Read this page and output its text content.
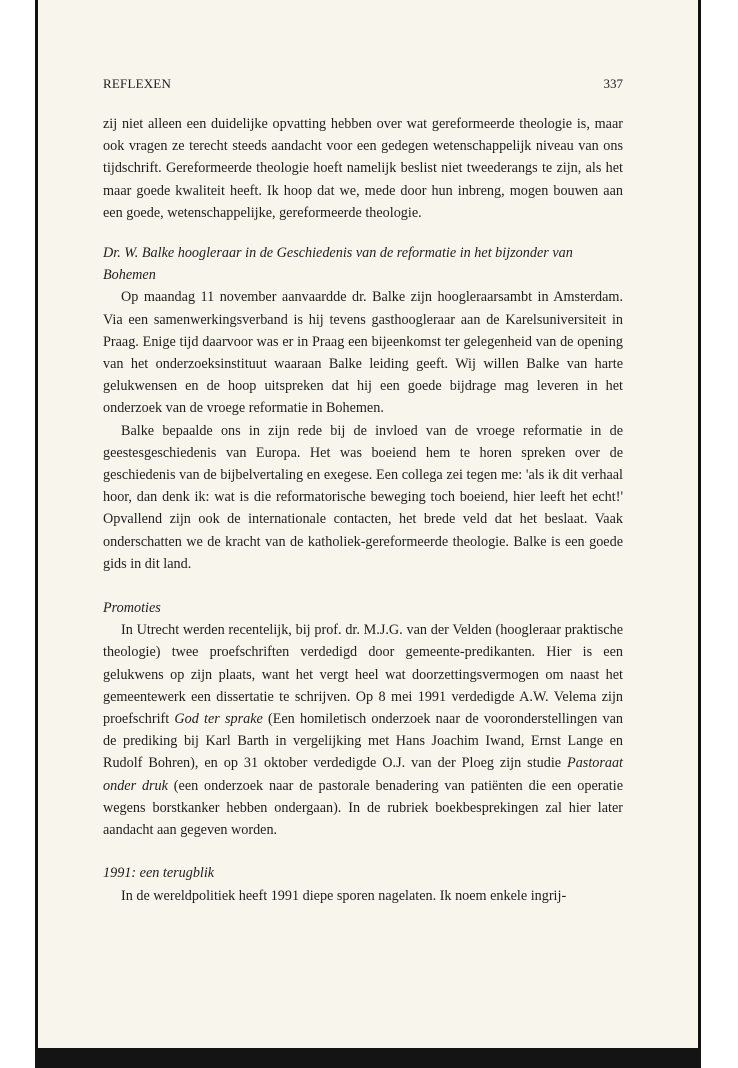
REFLEXEN	337

zij niet alleen een duidelijke opvatting hebben over wat gereformeerde theologie is, maar ook vragen ze terecht steeds aandacht voor een gedegen wetenschappelijk niveau van ons tijdschrift. Gereformeerde theologie hoeft namelijk beslist niet tweederangs te zijn, als het maar goede kwaliteit heeft. Ik hoop dat we, mede door hun inbreng, mogen bouwen aan een goede, wetenschappelijke, gereformeerde theologie.

Dr. W. Balke hoogleraar in de Geschiedenis van de reformatie in het bijzonder van Bohemen

Op maandag 11 november aanvaardde dr. Balke zijn hoogleraarsambt in Amsterdam. Via een samenwerkingsverband is hij tevens gasthoogleraar aan de Karelsuniversiteit in Praag. Enige tijd daarvoor was er in Praag een bijeenkomst ter gelegenheid van de opening van het onderzoeksinstituut waaraan Balke leiding geeft. Wij willen Balke van harte gelukwensen en de hoop uitspreken dat hij een goede bijdrage mag leveren in het onderzoek van de vroege reformatie in Bohemen.

Balke bepaalde ons in zijn rede bij de invloed van de vroege reformatie in de geestesgeschiedenis van Europa. Het was boeiend hem te horen spreken over de geschiedenis van de bijbelvertaling en exegese. Een collega zei tegen me: 'als ik dit verhaal hoor, dan denk ik: wat is die reformatorische beweging toch boeiend, hier leeft het echt!' Opvallend zijn ook de internationale contacten, het brede veld dat het beslaat. Vaak onderschatten we de kracht van de katholiek-gereformeerde theologie. Balke is een goede gids in dit land.

Promoties

In Utrecht werden recentelijk, bij prof. dr. M.J.G. van der Velden (hoogleraar praktische theologie) twee proefschriften verdedigd door gemeente-predikanten. Hier is een gelukwens op zijn plaats, want het vergt heel wat doorzettingsvermogen om naast het gemeentewerk een dissertatie te schrijven. Op 8 mei 1991 verdedigde A.W. Velema zijn proefschrift God ter sprake (Een homiletisch onderzoek naar de vooronderstellingen van de prediking bij Karl Barth in vergelijking met Hans Joachim Iwand, Ernst Lange en Rudolf Bohren), en op 31 oktober verdedigde O.J. van der Ploeg zijn studie Pastoraat onder druk (een onderzoek naar de pastorale benadering van patiënten die een operatie wegens borstkanker hebben ondergaan). In de rubriek boekbesprekingen zal hier later aandacht aan gegeven worden.

1991: een terugblik

In de wereldpolitiek heeft 1991 diepe sporen nagelaten. Ik noem enkele ingrij-
